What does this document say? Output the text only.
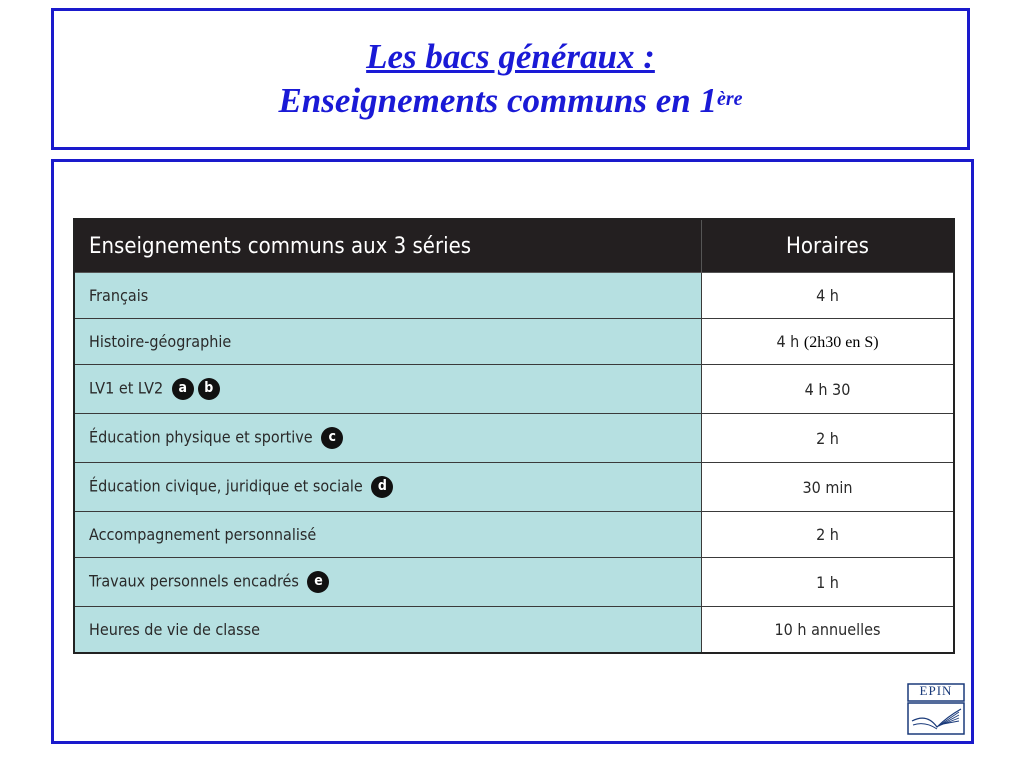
Les bacs généraux :
Enseignements communs en 1ère
Enseignements communs aux 3 séries	Horaires
Français	4 h
Histoire-géographie	4 h (2h30 en S)
LV1 et LV2 a b	4 h 30
Éducation physique et sportive c	2 h
Éducation civique, juridique et sociale d	30 min
Accompagnement personnalisé	2 h
Travaux personnels encadrés e	1 h
Heures de vie de classe	10 h annuelles
EPIN
